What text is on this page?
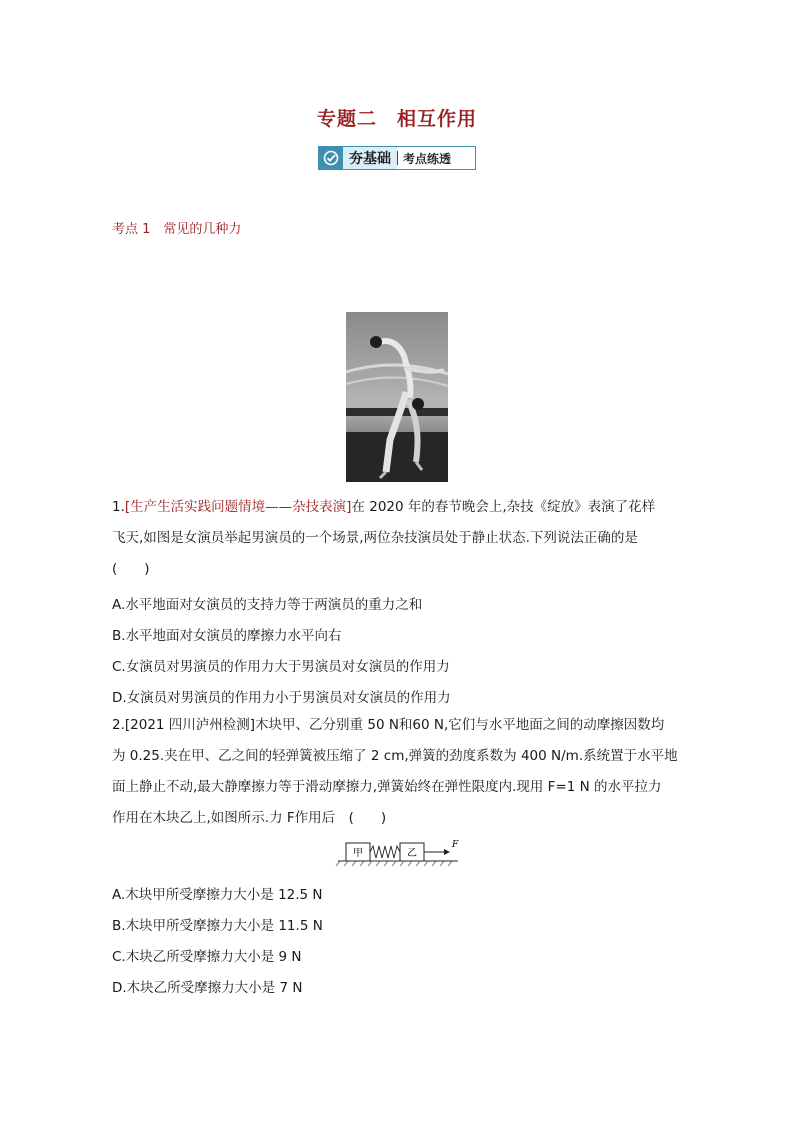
专题二　相互作用
夯基础	考点练透
考点 1　常见的几种力
1.[生产生活实践问题情境——杂技表演]在 2020 年的春节晚会上,杂技《绽放》表演了花样
飞天,如图是女演员举起男演员的一个场景,两位杂技演员处于静止状态.下列说法正确的是
(　　)
A.水平地面对女演员的支持力等于两演员的重力之和
B.水平地面对女演员的摩擦力水平向右
C.女演员对男演员的作用力大于男演员对女演员的作用力
D.女演员对男演员的作用力小于男演员对女演员的作用力
2.[2021 四川泸州检测]木块甲、乙分别重 50 N和60 N,它们与水平地面之间的动摩擦因数均
为 0.25.夹在甲、乙之间的轻弹簧被压缩了 2 cm,弹簧的劲度系数为 400 N/m.系统置于水平地
面上静止不动,最大静摩擦力等于滑动摩擦力,弹簧始终在弹性限度内.现用 F=1 N 的水平拉力
作用在木块乙上,如图所示.力 F作用后　(　　)
甲	乙
F
A.木块甲所受摩擦力大小是 12.5 N
B.木块甲所受摩擦力大小是 11.5 N
C.木块乙所受摩擦力大小是 9 N
D.木块乙所受摩擦力大小是 7 N
